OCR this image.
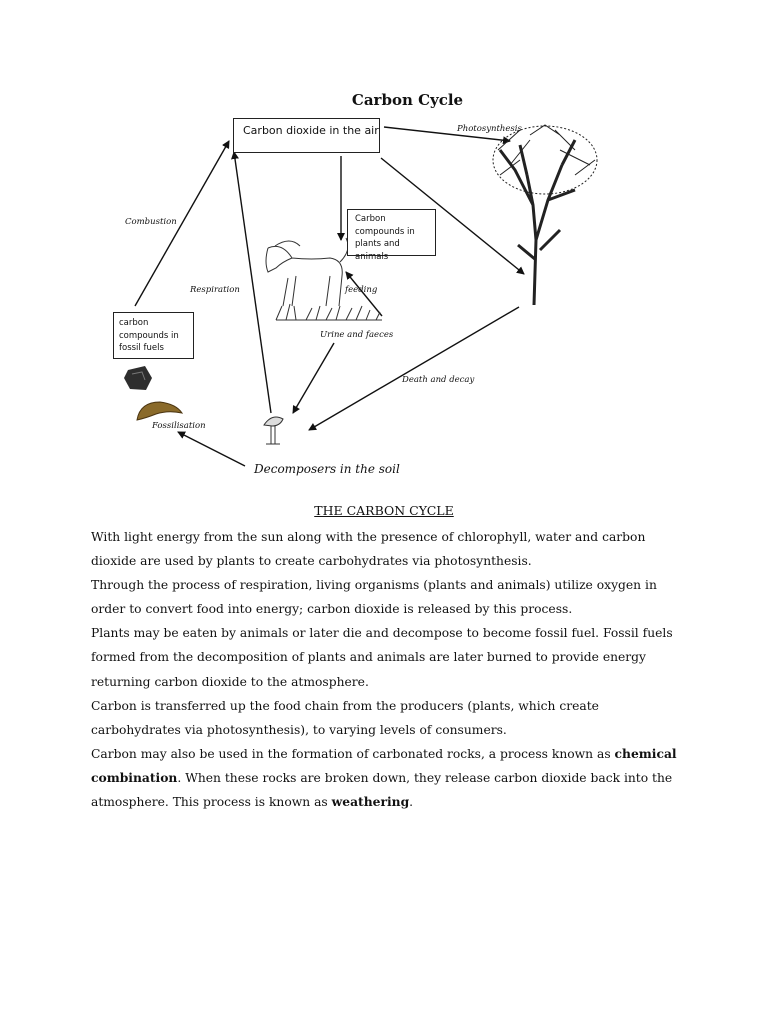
Carbon Cycle
Carbon dioxide in the air
Carbon
compounds in
plants and animals
carbon
compounds in
fossil fuels
Photosynthesis
Combustion
Respiration	feeding
Urine and faeces
Death and decay
Fossilisation
Decomposers in the soil
THE CARBON CYCLE

With light energy from the sun along with the presence of chlorophyll, water and carbon dioxide are used by plants to create carbohydrates via photosynthesis.

Through the process of respiration, living organisms (plants and animals) utilize oxygen in order to convert food into energy; carbon dioxide is released by this process.

Plants may be eaten by animals or later die and decompose to become fossil fuel. Fossil fuels formed from the decomposition of plants and animals are later burned to provide energy returning carbon dioxide to the atmosphere.

Carbon is transferred up the food chain from the producers (plants, which create carbohydrates via photosynthesis), to varying levels of consumers.

Carbon may also be used in the formation of carbonated rocks, a process known as chemical combination. When these rocks are broken down, they release carbon dioxide back into the atmosphere. This process is known as weathering.
